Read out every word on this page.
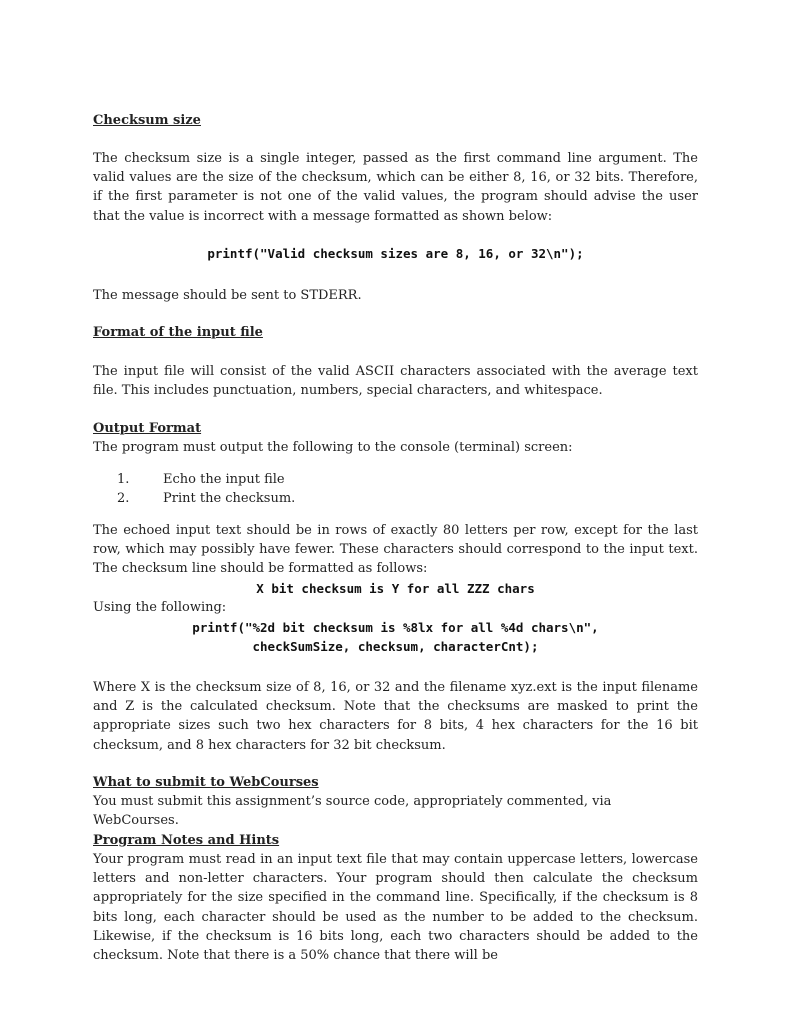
Checksum size

The checksum size is a single integer, passed as the first command line argument. The valid values are the size of the checksum, which can be either 8, 16, or 32 bits. Therefore, if the first parameter is not one of the valid values, the program should advise the user that the value is incorrect with a message formatted as shown below:

printf("Valid checksum sizes are 8, 16, or 32\n");

The message should be sent to STDERR.

Format of the input file

The input file will consist of the valid ASCII characters associated with the average text file. This includes punctuation, numbers, special characters, and whitespace.

Output Format

The program must output the following to the console (terminal) screen:

1.	Echo the input file
2.	Print the checksum.

The echoed input text should be in rows of exactly 80 letters per row, except for the last row, which may possibly have fewer. These characters should correspond to the input text. The checksum line should be formatted as follows:

X bit checksum is Y for all ZZZ chars

Using the following:

printf("%2d bit checksum is %8lx for all %4d chars\n",

checkSumSize, checksum, characterCnt);

Where X is the checksum size of 8, 16, or 32 and the filename xyz.ext is the input filename and Z is the calculated checksum. Note that the checksums are masked to print the appropriate sizes such two hex characters for 8 bits, 4 hex characters for the 16 bit checksum, and 8 hex characters for 32 bit checksum.

What to submit to WebCourses

You must submit this assignment’s source code, appropriately commented, via WebCourses.

Program Notes and Hints

Your program must read in an input text file that may contain uppercase letters, lowercase letters and non-letter characters. Your program should then calculate the checksum appropriately for the size specified in the command line. Specifically, if the checksum is 8 bits long, each character should be used as the number to be added to the checksum. Likewise, if the checksum is 16 bits long, each two characters should be added to the checksum. Note that there is a 50% chance that there will be
